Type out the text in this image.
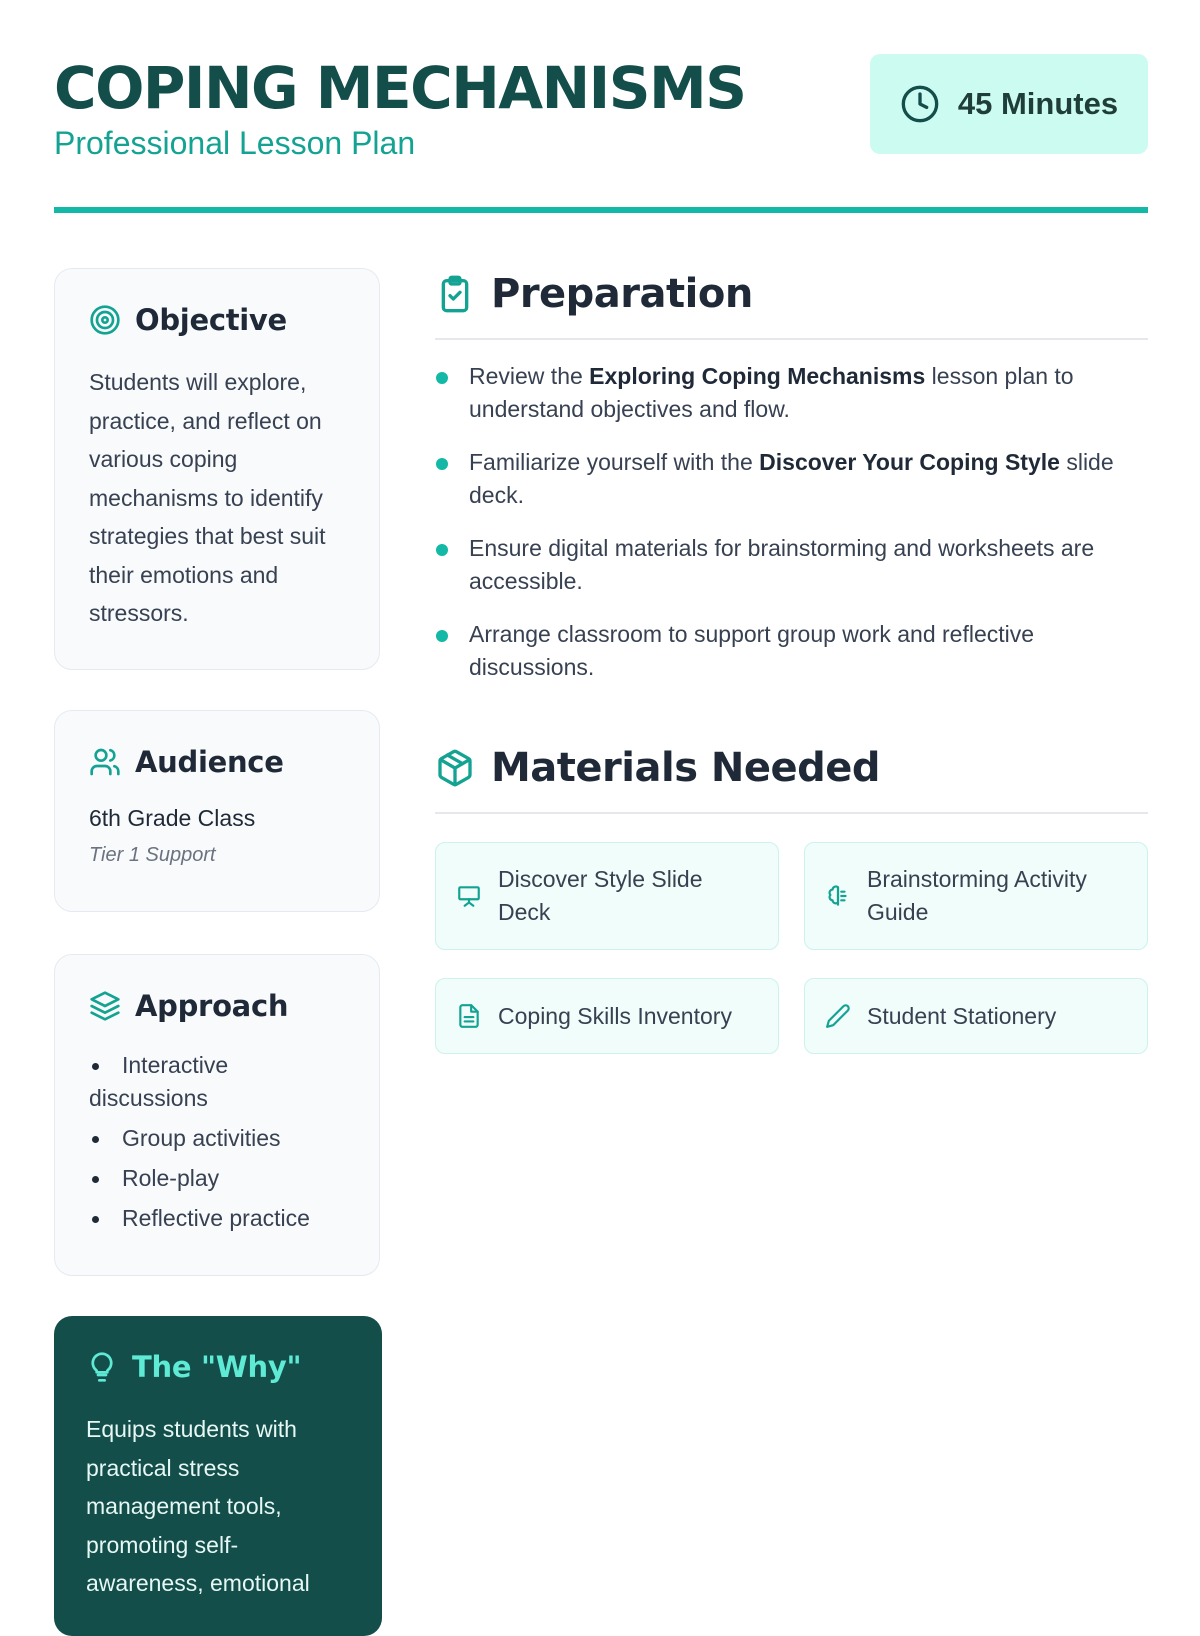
COPING MECHANISMS
Professional Lesson Plan
45 Minutes
Objective

Students will explore, practice, and reflect on various coping mechanisms to identify strategies that best suit their emotions and stressors.

Audience
6th Grade Class
Tier 1 Support
Approach
Interactive discussions
Group activities
Role-play
Reflective practice
The "Why"

Equips students with practical stress management tools, promoting self-awareness, emotional

Preparation
Review the Exploring Coping Mechanisms lesson plan to understand objectives and flow.
Familiarize yourself with the Discover Your Coping Style slide deck.
Ensure digital materials for brainstorming and worksheets are accessible.
Arrange classroom to support group work and reflective discussions.
Materials Needed
Discover Style Slide Deck
Brainstorming Activity Guide
Coping Skills Inventory	Student Stationery
